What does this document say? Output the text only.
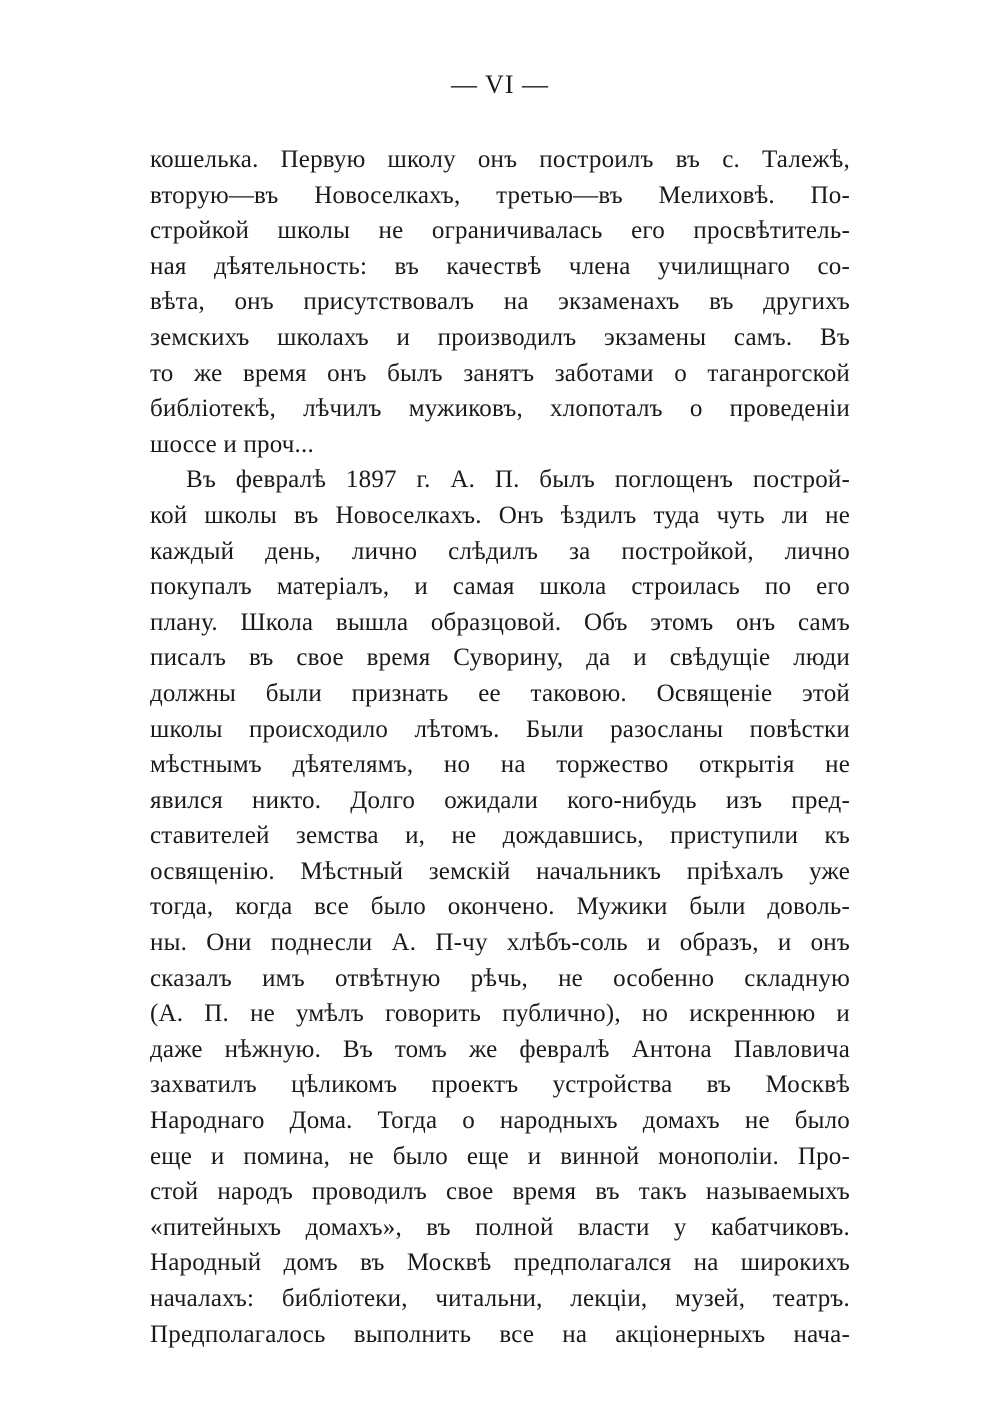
— VI —
кошелька. Первую школу онъ построилъ въ с. Талежѣ,
вторую—въ Новоселкахъ, третью—въ Мелиховѣ. По-
стройкой школы не ограничивалась его просвѣтитель-
ная дѣятельность: въ качествѣ члена училищнаго со-
вѣта, онъ присутствовалъ на экзаменахъ въ другихъ
земскихъ школахъ и производилъ экзамены самъ. Въ
то же время онъ былъ занятъ заботами о таганрогской
библіотекѣ, лѣчилъ мужиковъ, хлопоталъ о проведеніи
шоссе и проч...
Въ февралѣ 1897 г. А. П. былъ поглощенъ построй-
кой школы въ Новоселкахъ. Онъ ѣздилъ туда чуть ли не
каждый день, лично слѣдилъ за постройкой, лично
покупалъ матеріалъ, и самая школа строилась по его
плану. Школа вышла образцовой. Объ этомъ онъ самъ
писалъ въ свое время Суворину, да и свѣдущіе люди
должны были признать ее таковою. Освященіе этой
школы происходило лѣтомъ. Были разосланы повѣстки
мѣстнымъ дѣятелямъ, но на торжество открытія не
явился никто. Долго ожидали кого-нибудь изъ пред-
ставителей земства и, не дождавшись, приступили къ
освященію. Мѣстный земскій начальникъ пріѣхалъ уже
тогда, когда все было окончено. Мужики были доволь-
ны. Они поднесли А. П-чу хлѣбъ-соль и образъ, и онъ
сказалъ имъ отвѣтную рѣчь, не особенно складную
(А. П. не умѣлъ говорить публично), но искреннюю и
даже нѣжную. Въ томъ же февралѣ Антона Павловича
захватилъ цѣликомъ проектъ устройства въ Москвѣ
Народнаго Дома. Тогда о народныхъ домахъ не было
еще и помина, не было еще и винной монополіи. Про-
стой народъ проводилъ свое время въ такъ называемыхъ
«питейныхъ домахъ», въ полной власти у кабатчиковъ.
Народный домъ въ Москвѣ предполагался на широкихъ
началахъ: библіотеки, читальни, лекціи, музей, театръ.
Предполагалось выполнить все на акціонерныхъ нача-
